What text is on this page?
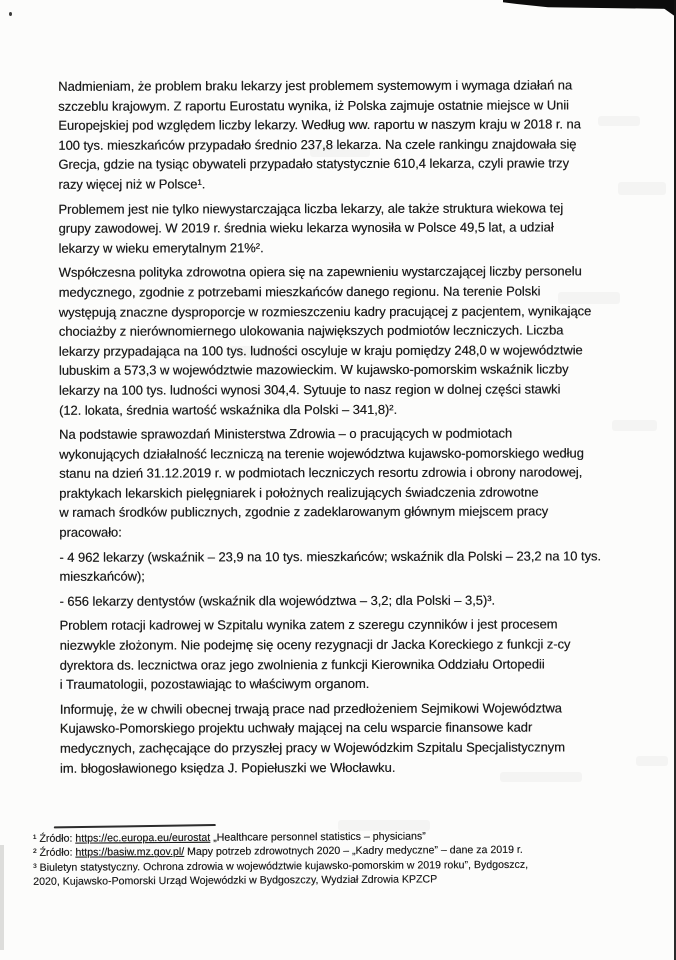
Nadmieniam, że problem braku lekarzy jest problemem systemowym i wymaga działań na
szczeblu krajowym. Z raportu Eurostatu wynika, iż Polska zajmuje ostatnie miejsce w Unii
Europejskiej pod względem liczby lekarzy. Według ww. raportu w naszym kraju w 2018 r. na
100 tys. mieszkańców przypadało średnio 237,8 lekarza. Na czele rankingu znajdowała się
Grecja, gdzie na tysiąc obywateli przypadało statystycznie 610,4 lekarza, czyli prawie trzy
razy więcej niż w Polsce¹.

Problemem jest nie tylko niewystarczająca liczba lekarzy, ale także struktura wiekowa tej
grupy zawodowej. W 2019 r. średnia wieku lekarza wynosiła w Polsce 49,5 lat, a udział
lekarzy w wieku emerytalnym 21%².

Współczesna polityka zdrowotna opiera się na zapewnieniu wystarczającej liczby personelu
medycznego, zgodnie z potrzebami mieszkańców danego regionu. Na terenie Polski
występują znaczne dysproporcje w rozmieszczeniu kadry pracującej z pacjentem, wynikające
chociażby z nierównomiernego ulokowania największych podmiotów leczniczych. Liczba
lekarzy przypadająca na 100 tys. ludności oscyluje w kraju pomiędzy 248,0 w województwie
lubuskim a 573,3 w województwie mazowieckim. W kujawsko-pomorskim wskaźnik liczby
lekarzy na 100 tys. ludności wynosi 304,4. Sytuuje to nasz region w dolnej części stawki
(12. lokata, średnia wartość wskaźnika dla Polski – 341,8)².

Na podstawie sprawozdań Ministerstwa Zdrowia – o pracujących w podmiotach
wykonujących działalność leczniczą na terenie województwa kujawsko-pomorskiego według
stanu na dzień 31.12.2019 r. w podmiotach leczniczych resortu zdrowia i obrony narodowej,
praktykach lekarskich pielęgniarek i położnych realizujących świadczenia zdrowotne
w ramach środków publicznych, zgodnie z zadeklarowanym głównym miejscem pracy
pracowało:

- 4 962 lekarzy (wskaźnik – 23,9 na 10 tys. mieszkańców; wskaźnik dla Polski – 23,2 na 10 tys.
mieszkańców);

- 656 lekarzy dentystów (wskaźnik dla województwa – 3,2; dla Polski – 3,5)³.

Problem rotacji kadrowej w Szpitalu wynika zatem z szeregu czynników i jest procesem
niezwykle złożonym. Nie podejmę się oceny rezygnacji dr Jacka Koreckiego z funkcji z-cy
dyrektora ds. lecznictwa oraz jego zwolnienia z funkcji Kierownika Oddziału Ortopedii
i Traumatologii, pozostawiając to właściwym organom.

Informuję, że w chwili obecnej trwają prace nad przedłożeniem Sejmikowi Województwa
Kujawsko-Pomorskiego projektu uchwały mającej na celu wsparcie finansowe kadr
medycznych, zachęcające do przyszłej pracy w Wojewódzkim Szpitalu Specjalistycznym
im. błogosławionego księdza J. Popiełuszki we Włocławku.

¹ Źródło: https://ec.europa.eu/eurostat „Healthcare personnel statistics – physicians”

² Źródło: https://basiw.mz.gov.pl/ Mapy potrzeb zdrowotnych 2020 – „Kadry medyczne” – dane za 2019 r.

³ Biuletyn statystyczny. Ochrona zdrowia w województwie kujawsko-pomorskim w 2019 roku”, Bydgoszcz,
2020, Kujawsko-Pomorski Urząd Wojewódzki w Bydgoszczy, Wydział Zdrowia KPZCP
